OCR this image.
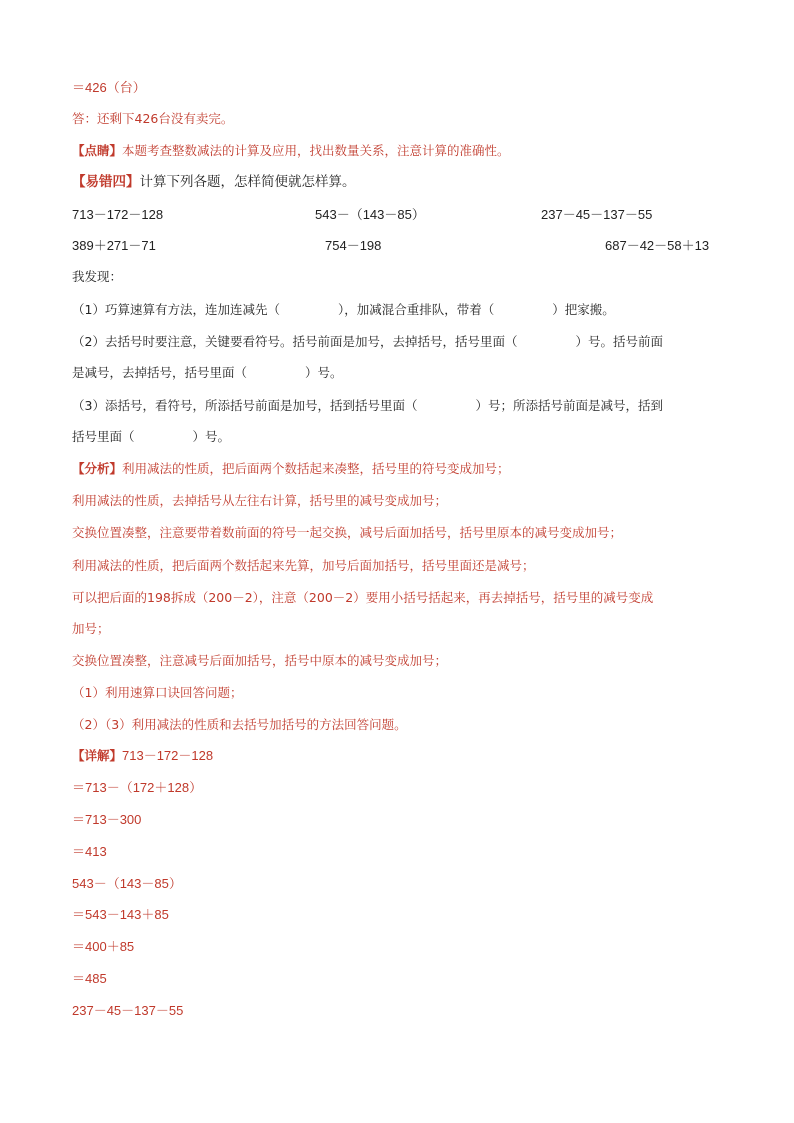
＝426（台）
答：还剩下426台没有卖完。
【点睛】本题考查整数减法的计算及应用，找出数量关系，注意计算的准确性。
【易错四】计算下列各题，怎样简便就怎样算。
713－172－128	543－（143－85）	237－45－137－55
389＋271－71	754－198	687－42－58＋13
我发现：
（1）巧算速算有方法，连加连减先（	），加减混合重排队，带着（	）把家搬。
（2）去括号时要注意，关键要看符号。括号前面是加号，去掉括号，括号里面（	）号。括号前面
是减号，去掉括号，括号里面（	）号。
（3）添括号，看符号，所添括号前面是加号，括到括号里面（	）号；所添括号前面是减号，括到
括号里面（	）号。
【分析】利用减法的性质，把后面两个数括起来凑整，括号里的符号变成加号；
利用减法的性质，去掉括号从左往右计算，括号里的减号变成加号；
交换位置凑整，注意要带着数前面的符号一起交换，减号后面加括号，括号里原本的减号变成加号；
利用减法的性质，把后面两个数括起来先算，加号后面加括号，括号里面还是减号；
可以把后面的198拆成（200－2），注意（200－2）要用小括号括起来，再去掉括号，括号里的减号变成
加号；
交换位置凑整，注意减号后面加括号，括号中原本的减号变成加号；
（1）利用速算口诀回答问题；
（2）（3）利用减法的性质和去括号加括号的方法回答问题。
【详解】713－172－128
＝713－（172＋128）
＝713－300
＝413
543－（143－85）
＝543－143＋85
＝400＋85
＝485
237－45－137－55
